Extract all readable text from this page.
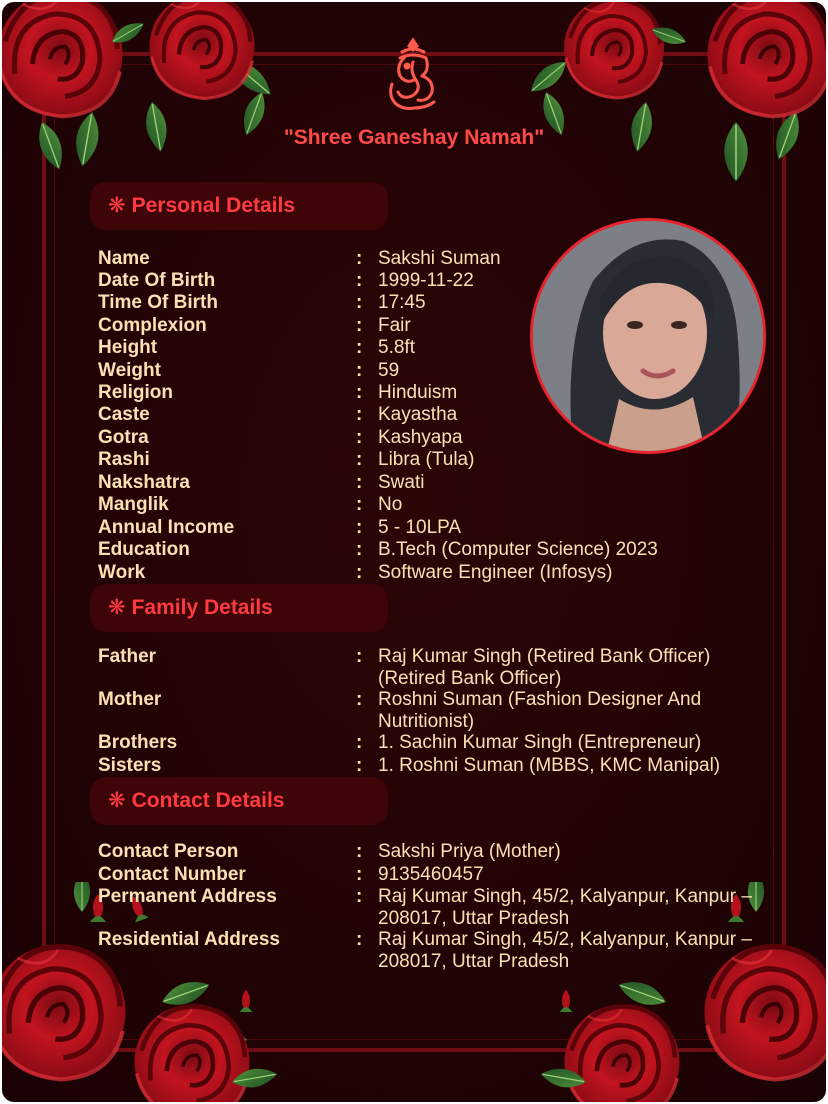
"Shree Ganeshay Namah"
❋ Personal Details
Name	: Sakshi Suman
Date Of Birth	: 1999-11-22
Time Of Birth	: 17:45
Complexion	: Fair
Height	: 5.8ft
Weight	: 59
Religion	: Hinduism
Caste	: Kayastha
Gotra	: Kashyapa
Rashi	: Libra (Tula)
Nakshatra	: Swati
Manglik	: No
Annual Income	: 5 - 10LPA
Education	: B.Tech (Computer Science) 2023
Work	: Software Engineer (Infosys)
❋ Family Details
Father	: Raj Kumar Singh (Retired Bank Officer) (Retired Bank Officer)
Mother	: Roshni Suman (Fashion Designer And Nutritionist)
Brothers	: 1. Sachin Kumar Singh (Entrepreneur)
Sisters	: 1. Roshni Suman (MBBS, KMC Manipal)
❋ Contact Details
Contact Person	: Sakshi Priya (Mother)
Contact Number	: 9135460457
Permanent Address	: Raj Kumar Singh, 45/2, Kalyanpur, Kanpur – 208017, Uttar Pradesh
Residential Address	: Raj Kumar Singh, 45/2, Kalyanpur, Kanpur – 208017, Uttar Pradesh
